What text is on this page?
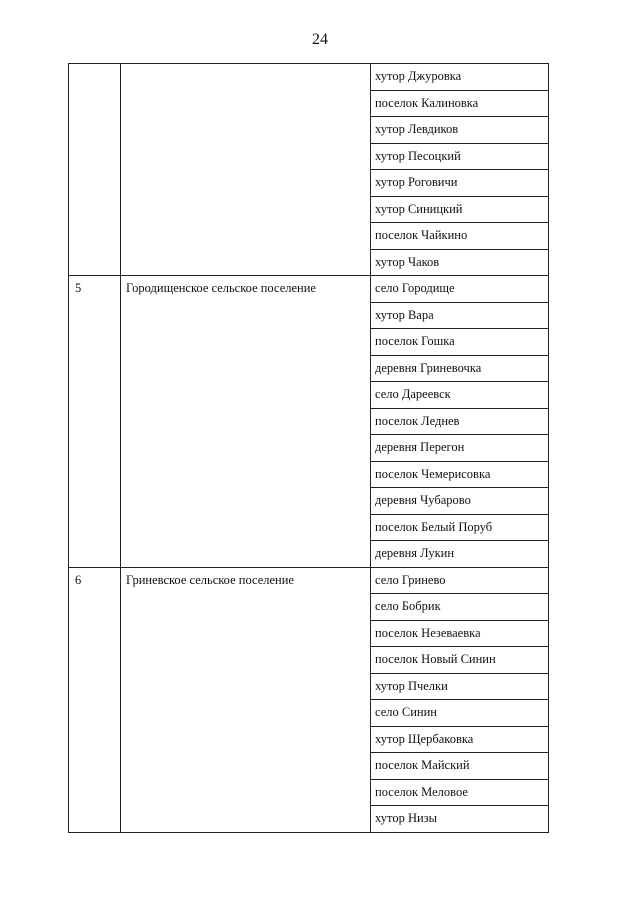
24
		хутор Джуровка
		поселок Калиновка
		хутор Левдиков
		хутор Песоцкий
		хутор Роговичи
		хутор Синицкий
		поселок Чайкино
		хутор Чаков
5	Городищенское сельское поселение	село Городище
		хутор Вара
		поселок Гошка
		деревня Гриневочка
		село Дареевск
		поселок Леднев
		деревня Перегон
		поселок Чемерисовка
		деревня Чубарово
		поселок Белый Поруб
		деревня Лукин
6	Гриневское сельское поселение	село Гринево
		село Бобрик
		поселок Незеваевка
		поселок Новый Синин
		хутор Пчелки
		село Синин
		хутор Щербаковка
		поселок Майский
		поселок Меловое
		хутор Низы
